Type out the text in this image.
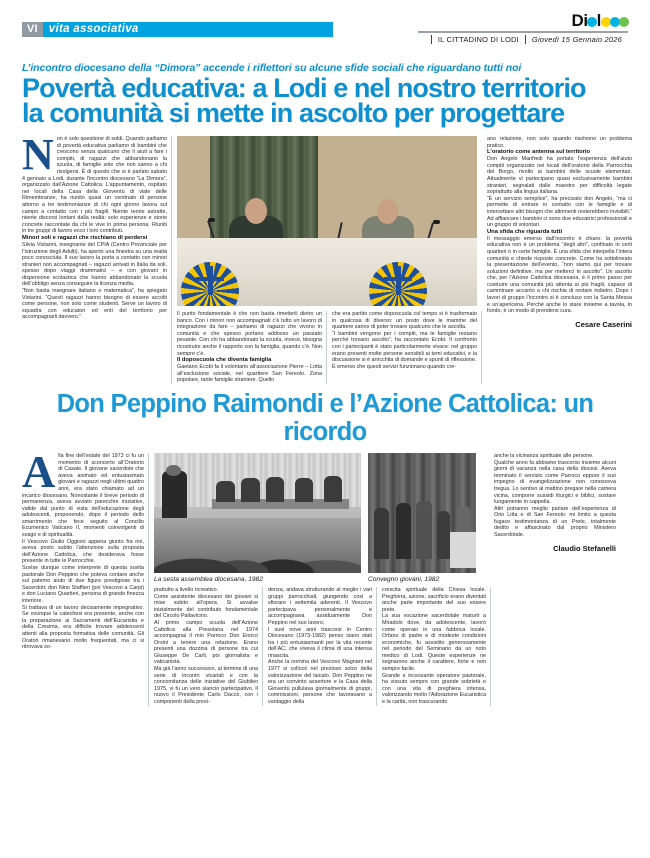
VI vita associativa	Di l
IL CITTADINO DI LODI	Giovedì 15 Gennaio 2026
L’incontro diocesano della “Dimora” accende i riflettori su alcune sfide sociali che riguardano tutti noi
Povertà educativa: a Lodi e nel nostro territorio
la comunità si mette in ascolto per progettare
N on è solo questione di soldi. Quando parliamo di povertà educativa parliamo di bambini che crescono senza qualcuno che li aiuti a fare i compiti, di ragazzi che abbandonano la scuola, di famiglie sole che non sanno a chi rivolgersi. È di questo che si è parlato sabato 4 gennaio a Lodi, durante l’incontro diocesano “La Dimora”, organizzato dall’Azione Cattolica. L’appuntamento, ospitato nei locali della Casa della Gioventù di viale delle Rimembranze, ha riunito quasi un centinaio di persone attorno a tre testimonianze di chi ogni giorno lavora sul campo a contatto con i più fragili. Niente teorie astratte, niente discorsi lontani dalla realtà: solo esperienze e storie concrete raccontate da chi le vive in prima persona. Riuniti in tre gruppi di lavoro ecco i loro contributi.

Minori soli e ragazzi che rischiano di perdersi

Silvia Vistarini, insegnante del CPIA (Centro Provinciale per l’Istruzione degli Adulti), ha aperto una finestra su una realtà poco conosciuta. Il suo lavoro la porta a contatto con minori stranieri non accompagnati – ragazzi arrivati in Italia da soli, spesso dopo viaggi drammatici – e con giovani in dispersione scolastica che hanno abbandonato la scuola dell’obbligo senza conseguire la licenza media.

“Non basta insegnare italiano o matematica”, ha spiegato Vistarini. “Questi ragazzi hanno bisogno di essere accolti come persone, non solo come studenti. Serve un lavoro di squadra con educatori ed enti del territorio per accompagnarli davvero.”

Il punto fondamentale è che non basta rimetterli dietro un banco. Con i minori non accompagnati c’è tutto un lavoro di integrazione da fare – parliamo di ragazzi che vivono in comunità e che spesso portano addosso un passato pesante. Con chi ha abbandonato la scuola, invece, bisogna ricostruire anche il rapporto con la famiglia, quando c’è. Non sempre c’è.

Il doposcuola che diventa famiglia

Gaetano Ecobi fa il volontario all’associazione Pierre – Lotta all’esclusione sociale, nel quartiere San Fereolo. Zona popolare, tante famiglie straniere. Quello

che era partito come doposcuola col tempo si è trasformato in qualcosa di diverso: un posto dove le mamme del quartiere sanno di poter trovare qualcuno che le ascolta.

“I bambini vengono per i compiti, ma le famiglie restano perché trovano ascolto”, ha raccontato Ecobi. Il confronto con i partecipanti è stato particolarmente vivace: nel gruppo erano presenti molte persone sensibili ai temi educativi, e la discussione si è arricchita di domande e spunti di riflessione.

È emerso che questi servizi funzionano quando cre-

ano relazione, non solo quando risolvono un problema pratico.

L’oratorio come antenna sul territorio

Don Angelo Manfredi ha portato l’esperienza dell’aiuto compiti organizzato nei locali dell’oratorio della Parrocchia del Borgo, rivolto ai bambini delle scuole elementari. Attualmente vi partecipano quasi esclusivamente bambini stranieri, segnalati dalle maestre per difficoltà legate soprattutto alla lingua italiana.

“È un servizio semplice”, ha precisato don Angelo, “ma ci permette di entrare in contatto con le famiglie e di intercettare altri bisogni che altrimenti resterebbero invisibili.” Ad affiancare i bambini ci sono due educatrici professionali e un gruppo di volontari.

Una sfida che riguarda tutti

Il messaggio emerso dall’incontro è chiaro: la povertà educativa non è un problema “degli altri”, confinato in certi quartieri o in certe famiglie. È una sfida che interpella l’intera comunità e chiede risposte concrete. Come ha sottolineato la presentazione dell’evento, “non siamo qui per trovare soluzioni definitive, ma per metterci in ascolto”. Un ascolto che, per l’Azione Cattolica diocesana, è il primo passo per costruire una comunità più attenta ai più fragili, capace di camminare accanto a chi rischia di restare indietro. Dopo i lavori di gruppo l’incontro si è concluso con la Santa Messa e un’apericena. Perché anche lo stare insieme a tavola, in fondo, è un modo di prendersi cura.

Cesare Caserini
Don Peppino Raimondi e l’Azione Cattolica: un ricordo
A lla fine dell’estate del 1973 ci fu un momento di sconcerto all’Oratorio di Casale. Il giovane sacerdote che aveva animato ed entusiasmato giovani e ragazzi negli ultimi quattro anni, era stato chiamato ad un incarico diocesano. Nonostante il breve periodo di permanenza, aveva avviato parecchie iniziative, valide dal punto di vista dell’educazione degli adolescenti, proponendo, dopo il periodo dello smarrimento che fece seguito al Concilio Ecumenico Vaticano II, momenti coinvolgenti di svago e di spiritualità.

Il Vescovo Giulio Oggioni appena giunto fra noi, aveva posto subito l’attenzione sulla proposta dell’Azione Cattolica, che desiderava fosse presente in tutte le Parrocchie.

Scelse dunque come interprete di questa scelta pastorale Don Peppino che poteva contare anche sul paterno aiuto di due figure prestigiose tra i Sacerdoti: don Nino Staffieri (poi Vescovo a Carpi) e don Luciano Quartieri, persona di grande finezza interiore.

Si trattava di un lavoro decisamente impegnativo. Se ovunque la catechesi era presente, anche con la preparazione ai Sacramenti dell’Eucaristia e della Cresima, era difficile trovare adolescenti attenti alla proposta formativa delle comunità. Gli Oratori rimanevano molto frequentati, ma ci si ritrovava so-

La sesta assemblea diocesana, 1982	Convegno giovani, 1982

prattutto a livello ricreativo.

Come assistente diocesano dei giovani si mise subito all’opera. Si avvalse inizialmente del contributo fondamentale del Circolo Pallavicino.

Al primo campo scuola dell’Azione Cattolica alla Presolana nel 1974 accompagnai il mio Parroco Don Enrico Orsini a tenere una relazione. Erano presenti una dozzina di persone tra cui Giuseppe De Carli, poi giornalista e vaticanista.

Ma già l’anno successivo, al termine di una serie di incontri vicariali e con la concomitanza delle iniziative del Giubileo 1975, vi fu un vero slancio partecipativo. Il nuovo il Presidente Carlo Daccò, con i componenti della presi-

denza, andava strutturando al meglio i vari gruppi parrocchiali, giungendo così a sfiorare i settemila aderenti. Il Vescovo partecipava personalmente e accompagnava assiduamente Don Peppino nel suo lavoro.

I suoi nove anni trascorsi in Centro Diocesano (1973-1982) penso siano stati tra i più entusiasmanti per la vita recente dell’AC, che viveva il clima di una intensa rinascita.

Anche la nomina del Vescovo Magnani nel 1977 si collocò nel prezioso solco della valorizzazione del laicato. Don Peppino ne era un convinto assertore e la Casa della Gioventù pullulava giornalmente di gruppi, commissioni, persone che lavoravano a vantaggio della

crescita spirituale della Chiesa locale. Preghiera, azione, sacrificio erano diventati anche parte importante del suo essere prete.

La sua vocazione sacerdotale maturò a Miradolo dove, da adolescente, lavorò come operaio in una fabbrica locale. Orfano di padre e di modeste condizioni economiche, fu assistito generosamente nel periodo del Seminario da un noto medico di Lodi. Queste esperienze ne segnarono anche il carattere, forte e non sempre facile.

Grande e incessante operatore pastorale, ha vissuto sempre con grande sobrietà e con una vita di preghiera intensa, valorizzando molto l’Adorazione Eucaristica e la carità, non trascurando

anche la vicinanza spirituale alle persone.

Qualche anno fa abbiamo trascorso insieme alcuni giorni di vacanza nella casa della diocesi. Aveva terminato il servizio come Parroco eppure il suo impegno di evangelizzazione non conosceva tregua. Lo sentivo al mattino pregare nella camera vicina, comporre sussidi liturgici e biblici, sostare lungamente in cappella.

Altri potranno meglio parlare dell’esperienza di Orio Litta e di San Fereolo: mi limito a questa fugace testimonianza di un Prete, totalmente dedito e affascinato dal proprio Ministero Sacerdotale.

Claudio Stefanelli
